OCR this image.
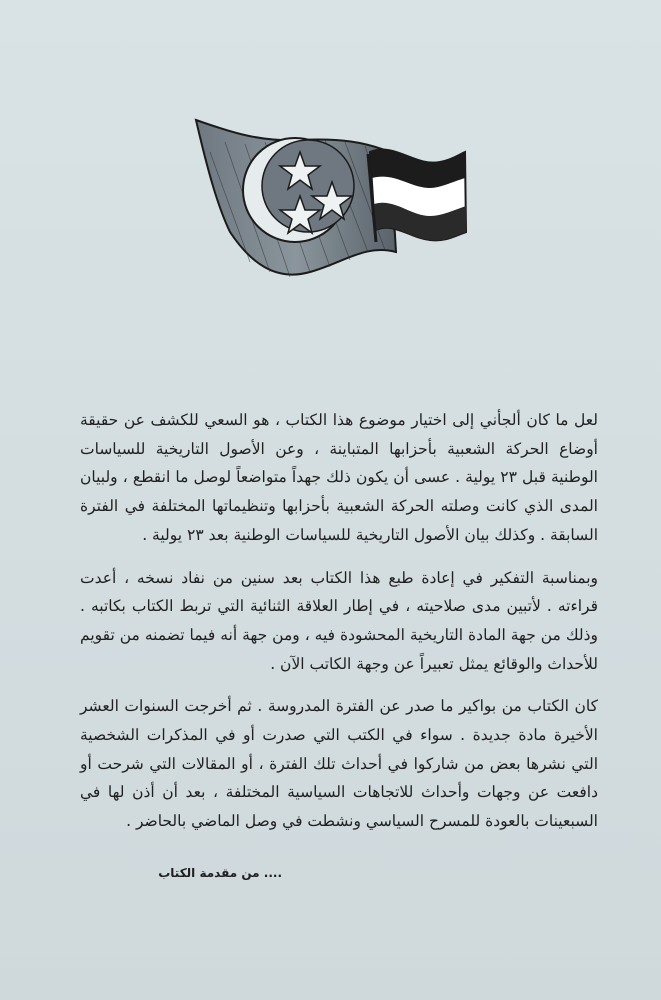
لعل ما كان ألجأني إلى اختيار موضوع هذا الكتاب ، هو السعي للكشف عن حقيقة أوضاع الحركة الشعبية بأحزابها المتباينة ، وعن الأصول التاريخية للسياسات الوطنية قبل ٢٣ يولية . عسى أن يكون ذلك جهداً متواضعاً لوصل ما انقطع ، ولبيان المدى الذي كانت وصلته الحركة الشعبية بأحزابها وتنظيماتها المختلفة في الفترة السابقة . وكذلك بيان الأصول التاريخية للسياسات الوطنية بعد ٢٣ يولية .

وبمناسبة التفكير في إعادة طبع هذا الكتاب بعد سنين من نفاد نسخه ، أعدت قراءته . لأتبين مدى صلاحيته ، في إطار العلاقة الثنائية التي تربط الكتاب بكاتبه . وذلك من جهة المادة التاريخية المحشودة فيه ، ومن جهة أنه فيما تضمنه من تقويم للأحداث والوقائع يمثل تعبيراً عن وجهة الكاتب الآن .

كان الكتاب من بواكير ما صدر عن الفترة المدروسة . ثم أخرجت السنوات العشر الأخيرة مادة جديدة . سواء في الكتب التي صدرت أو في المذكرات الشخصية التي نشرها بعض من شاركوا في أحداث تلك الفترة ، أو المقالات التي شرحت أو دافعت عن وجهات وأحداث للاتجاهات السياسية المختلفة ، بعد أن أذن لها في السبعينات بالعودة للمسرح السياسي ونشطت في وصل الماضي بالحاضر .

.... من مقدمة الكتاب
